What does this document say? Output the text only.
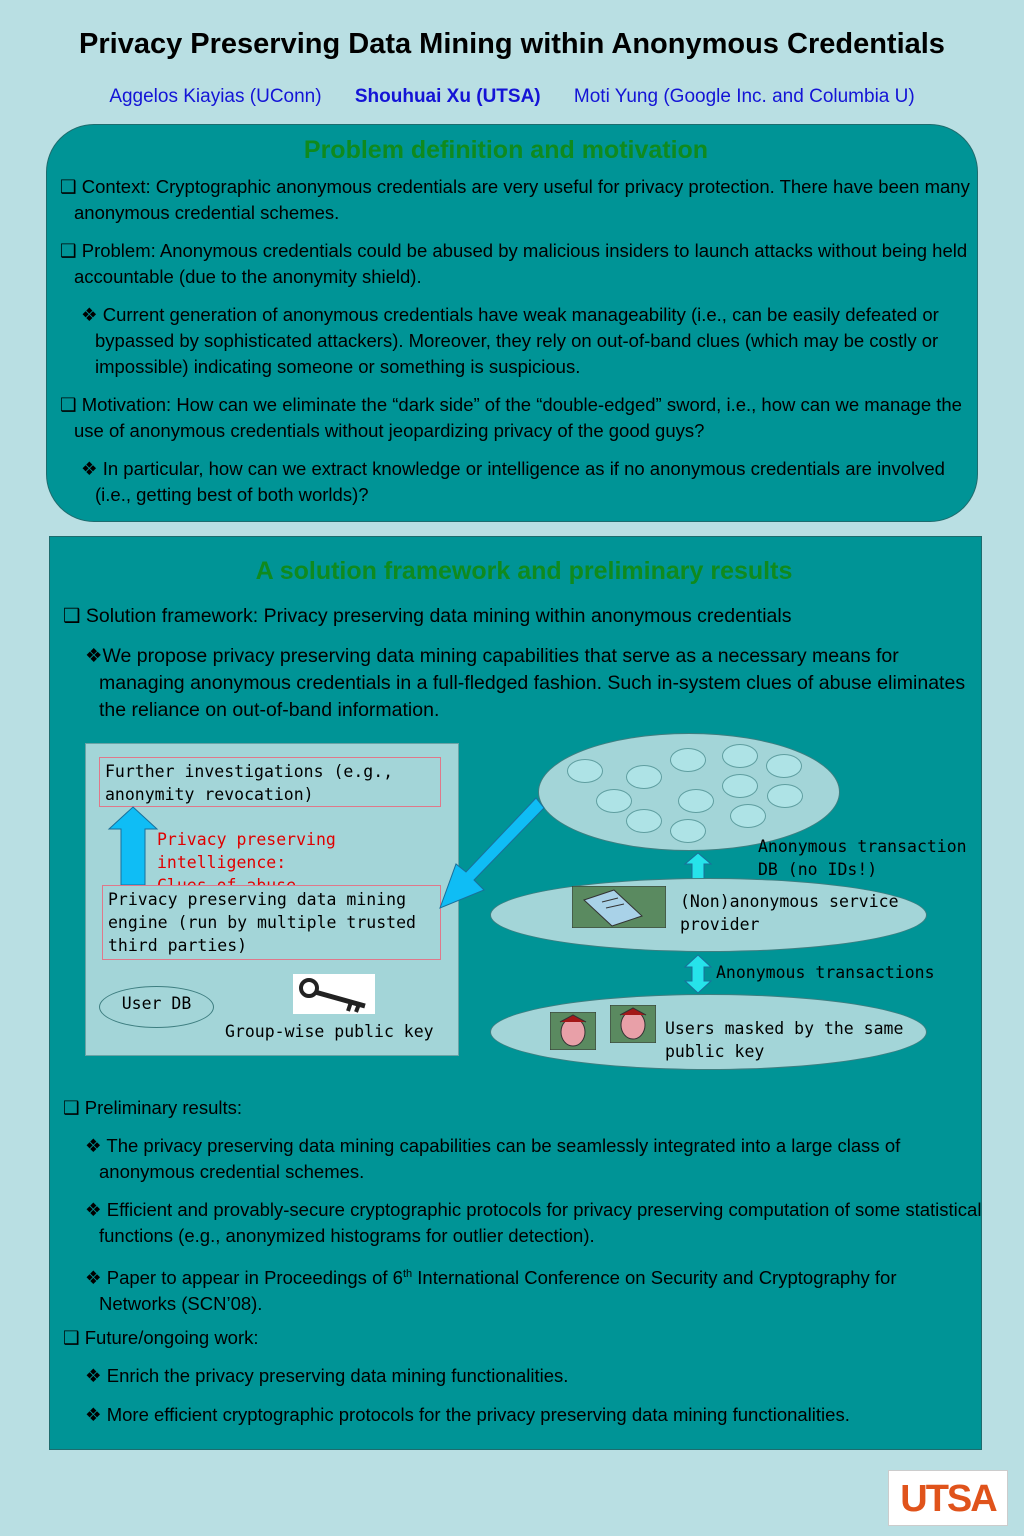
Privacy Preserving Data Mining within Anonymous Credentials
Aggelos Kiayias (UConn) Shouhuai Xu (UTSA) Moti Yung (Google Inc. and Columbia U)
Problem definition and motivation
❑ Context: Cryptographic anonymous credentials are very useful for privacy protection. There have been many anonymous credential schemes.
❑ Problem: Anonymous credentials could be abused by malicious insiders to launch attacks without being held accountable (due to the anonymity shield).
❖ Current generation of anonymous credentials have weak manageability (i.e., can be easily defeated or bypassed by sophisticated attackers). Moreover, they rely on out-of-band clues (which may be costly or impossible) indicating someone or something is suspicious.
❑ Motivation: How can we eliminate the “dark side” of the “double-edged” sword, i.e., how can we manage the use of anonymous credentials without jeopardizing privacy of the good guys?
❖ In particular, how can we extract knowledge or intelligence as if no anonymous credentials are involved (i.e., getting best of both worlds)?
A solution framework and preliminary results
❑ Solution framework: Privacy preserving data mining within anonymous credentials
❖We propose privacy preserving data mining capabilities that serve as a necessary means for managing anonymous credentials in a full-fledged fashion. Such in-system clues of abuse eliminates the reliance on out-of-band information.
Further investigations (e.g., anonymity revocation)
Privacy preserving intelligence:
Privacy preserving data mining engine (run by multiple trusted third parties)
User DB
Group-wise public key
Anonymous transaction DB (no IDs!)
(Non)anonymous service provider
Anonymous transactions
Users masked by the same public key
❑ Preliminary results:
❖ The privacy preserving data mining capabilities can be seamlessly integrated into a large class of anonymous credential schemes.
❖ Efficient and provably-secure cryptographic protocols for privacy preserving computation of some statistical functions (e.g., anonymized histograms for outlier detection).
❖ Paper to appear in Proceedings of 6th International Conference on Security and Cryptography for Networks (SCN’08).
❑ Future/ongoing work:
❖ Enrich the privacy preserving data mining functionalities.
❖ More efficient cryptographic protocols for the privacy preserving data mining functionalities.
UTSA
